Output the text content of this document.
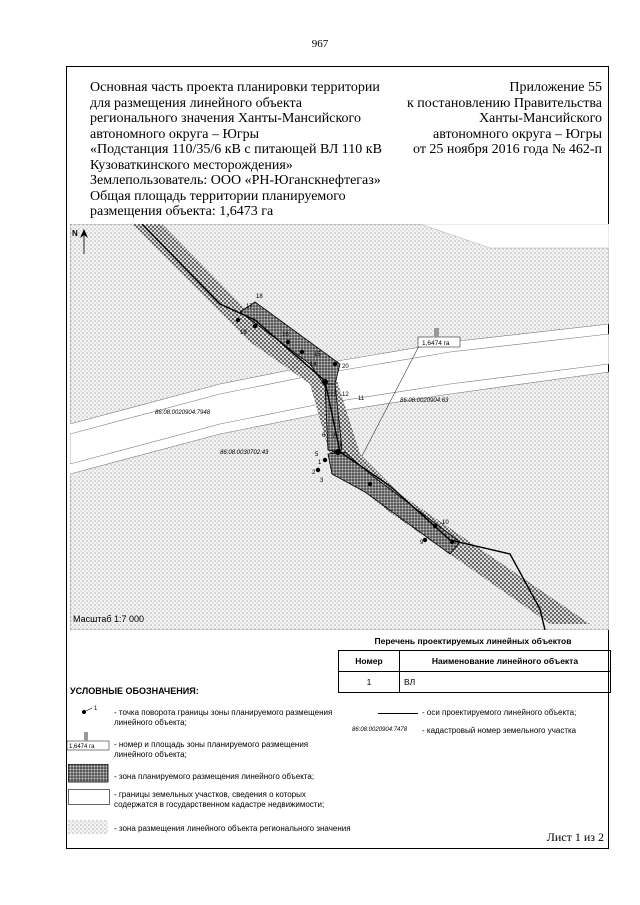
967
Основная часть проекта планировки территории
для размещения линейного объекта
регионального значения Ханты-Мансийского
автономного округа – Югры
«Подстанция 110/35/6 кВ с питающей ВЛ 110 кВ
Кузоваткинского месторождения»
Землепользователь: ООО «РН-Юганскнефтегаз»
Общая площадь территории планируемого
размещения объекта: 1,6473 га
Приложение 55
к постановлению Правительства
Ханты-Мансийского
автономного округа – Югры
от 25 ноября 2016 года № 462-п
1
2
3
4
5
6 7
8
9
10
11
12
13
14
15
16
17
18
19
20
1,6474 га
86:08:0020904:7948
86:08:0020904:63
86:08:0030702:43
N
Масштаб 1:7 000
Перечень проектируемых линейных объектов
Номер	Наименование линейного объекта
1	ВЛ
УСЛОВНЫЕ ОБОЗНАЧЕНИЯ:
1 - точка поворота границы зоны планируемого размещения линейного объекта;
1,6474 га - номер и площадь зоны планируемого размещения линейного объекта;
- зона планируемого размещения линейного объекта;
- границы земельных участков, сведения о которых содержатся в государственном кадастре недвижимости;
- зона размещения линейного объекта регионального значения
- оси проектируемого линейного объекта;
86:08:0020904:7478 - кадастровый номер земельного участка
Лист 1 из 2
